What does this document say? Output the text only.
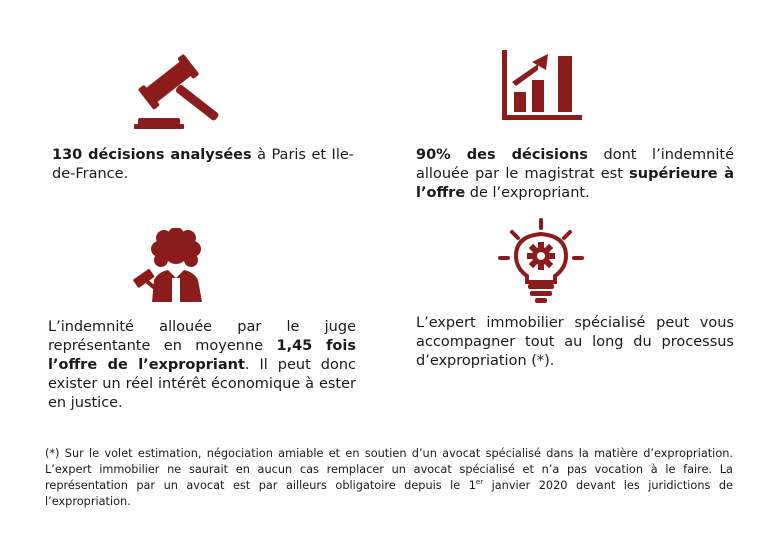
130 décisions analysées à Paris et Ile-de-France.
90% des décisions dont l’indemnité allouée par le magistrat est supérieure à l’offre de l’expropriant.
L’indemnité allouée par le juge représentante en moyenne 1,45 fois l’offre de l’expropriant. Il peut donc exister un réel intérêt économique à ester en justice.
L’expert immobilier spécialisé peut vous accompagner tout au long du processus d’expropriation (*).
(*) Sur le volet estimation, négociation amiable et en soutien d’un avocat spécialisé dans la matière d’expropriation. L’expert immobilier ne saurait en aucun cas remplacer un avocat spécialisé et n’a pas vocation à le faire. La représentation par un avocat est par ailleurs obligatoire depuis le 1er janvier 2020 devant les juridictions de l’expropriation.
